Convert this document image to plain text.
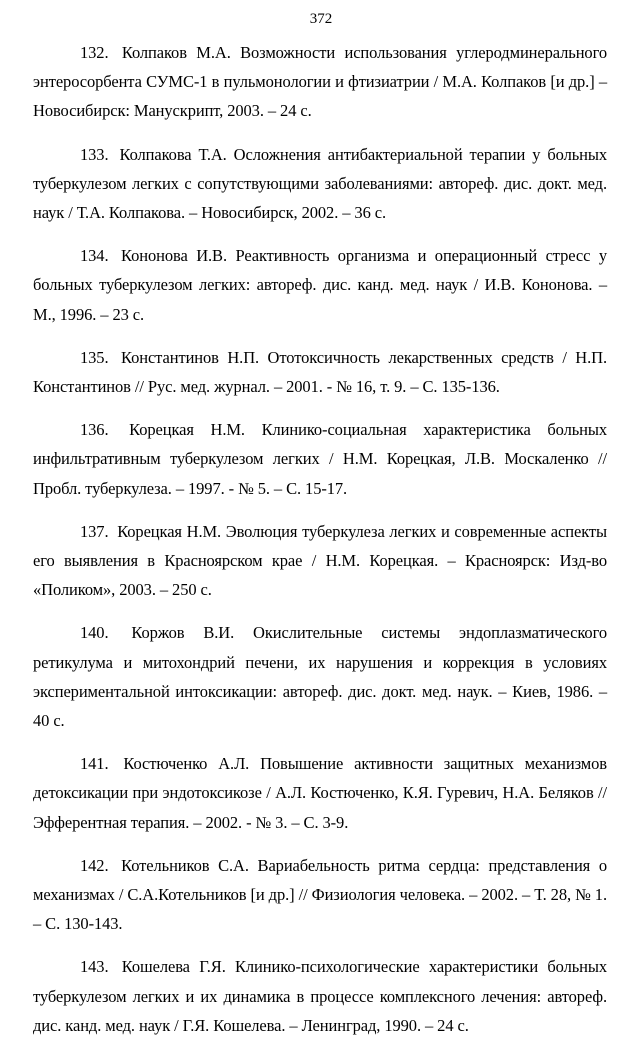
372

132. Колпаков М.А. Возможности использования углеродминерального энтеросорбента СУМС-1 в пульмонологии и фтизиатрии / М.А. Колпаков [и др.] – Новосибирск: Манускрипт, 2003. – 24 с.

133. Колпакова Т.А. Осложнения антибактериальной терапии у больных туберкулезом легких с сопутствующими заболеваниями: автореф. дис. докт. мед. наук / Т.А. Колпакова. – Новосибирск, 2002. – 36 с.

134. Кононова И.В. Реактивность организма и операционный стресс у больных туберкулезом легких: автореф. дис. канд. мед. наук / И.В. Кононова. – М., 1996. – 23 с.

135. Константинов Н.П. Ототоксичность лекарственных средств / Н.П. Константинов // Рус. мед. журнал. – 2001. - № 16, т. 9. – С. 135-136.

136. Корецкая Н.М. Клинико-социальная характеристика больных инфильтративным туберкулезом легких / Н.М. Корецкая, Л.В. Москаленко // Пробл. туберкулеза. – 1997. - № 5. – С. 15-17.

137. Корецкая Н.М. Эволюция туберкулеза легких и современные аспекты его выявления в Красноярском крае / Н.М. Корецкая. – Красноярск: Изд-во «Поликом», 2003. – 250 с.

140. Коржов В.И. Окислительные системы эндоплазматического ретикулума и митохондрий печени, их нарушения и коррекция в условиях экспериментальной интоксикации: автореф. дис. докт. мед. наук. – Киев, 1986. – 40 с.

141. Костюченко А.Л. Повышение активности защитных механизмов детоксикации при эндотоксикозе / А.Л. Костюченко, К.Я. Гуревич, Н.А. Беляков // Эфферентная терапия. – 2002. - № 3. – С. 3-9.

142. Котельников С.А. Вариабельность ритма сердца: представления о механизмах / С.А.Котельников [и др.] // Физиология человека. – 2002. – Т. 28, № 1. – С. 130-143.

143. Кошелева Г.Я. Клинико-психологические характеристики больных туберкулезом легких и их динамика в процессе комплексного лечения: автореф. дис. канд. мед. наук / Г.Я. Кошелева. – Ленинград, 1990. – 24 с.
